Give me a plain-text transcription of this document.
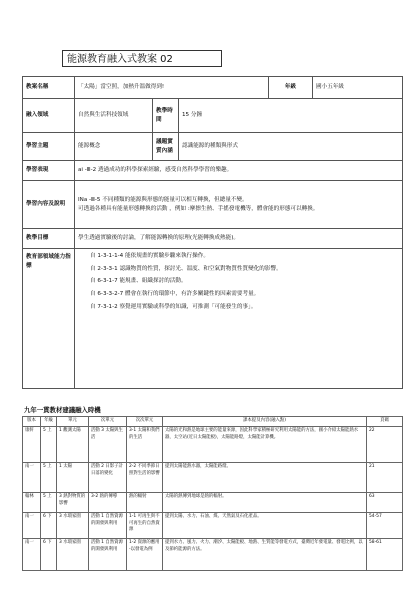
能源教育融入式教案 02
教案名稱	「太陽」當空照，加熱升溫做得到!			年級	國小五年級
融入領域	自然與生活科技領域	教學時間	15 分鐘		
學習主題	能源概念	議題實質內涵	認識能源的種類與形式		
學習表現	ai -Ⅲ-2 透過成功的科學探索經驗，感受自然科學學習的樂趣。				
學習內容及說明	INa -Ⅲ-5 不同種類的能源與形態的能量可以相互轉換，但總量不變。
可透過各種具有能量形態轉換的活動 ，例如 :摩擦生熱、手搖發電機等，體會能的形態可以轉換。				

教學目標	學生透過實驗後的討論，了解能源轉換的原理(光能轉換成熱能)。				
教育部領域能力指標	自 1-3-1-1-4 能依規畫的實驗步驟來執行操作。
自 2-3-3-1 認識物質的性質，探討光、溫度、和空氣對物質性質變化的影響。
自 6-3-1-7 能規畫、組織探討的活動。
自 6-3-3-2-7 體會在執行的環節中，有許多關鍵性的因素需要考量。
自 7-3-1-2 察覺運用實驗或科學的知識，可推測「可能發生的事」。				
九年一貫教材建議融入時機
版本	年級	單元	次單元	次次單元	課本提及內容(融入點)	頁碼
康軒	5 上	1 觀測太陽	活動 3 太陽與生活	3-1 太陽和我們的生活	太陽的光和熱是地球主要的能量來源，因此科學家積極研究利用太陽能的方法，國小介紹太陽能熱水器，太空站(近日太陽能板)，太陽能路燈，太陽能計算機。	22
南一	5 上	1 太陽	活動 2 日影子計日落的變化	2-2 不同季節日照對生活的影響	提到太陽能熱水器，太陽能路燈。	21
翰林	5 上	3 熱對物質的影響	3-2 熱的傳導	熱的輻射	太陽的熱傳到地球是熱的輻射。	63
南一	6 下	3 水環家園	活動 1 自然資源的開發與利用	1-1 可再生與不可再生的自然資源	提到太陽、水力、石油、煤、天然氣及石化產品。	54-57
南一	6 下	3 水環家園	活動 1 自然資源的開發與利用	1-2 資源的應用 -以發電為例	提到水力、風力、火力、潮汐、太陽能板、地熱、生質能等發電方式，臺灣近年發電量、發電比例，以及節約能源的方法。	58-61
